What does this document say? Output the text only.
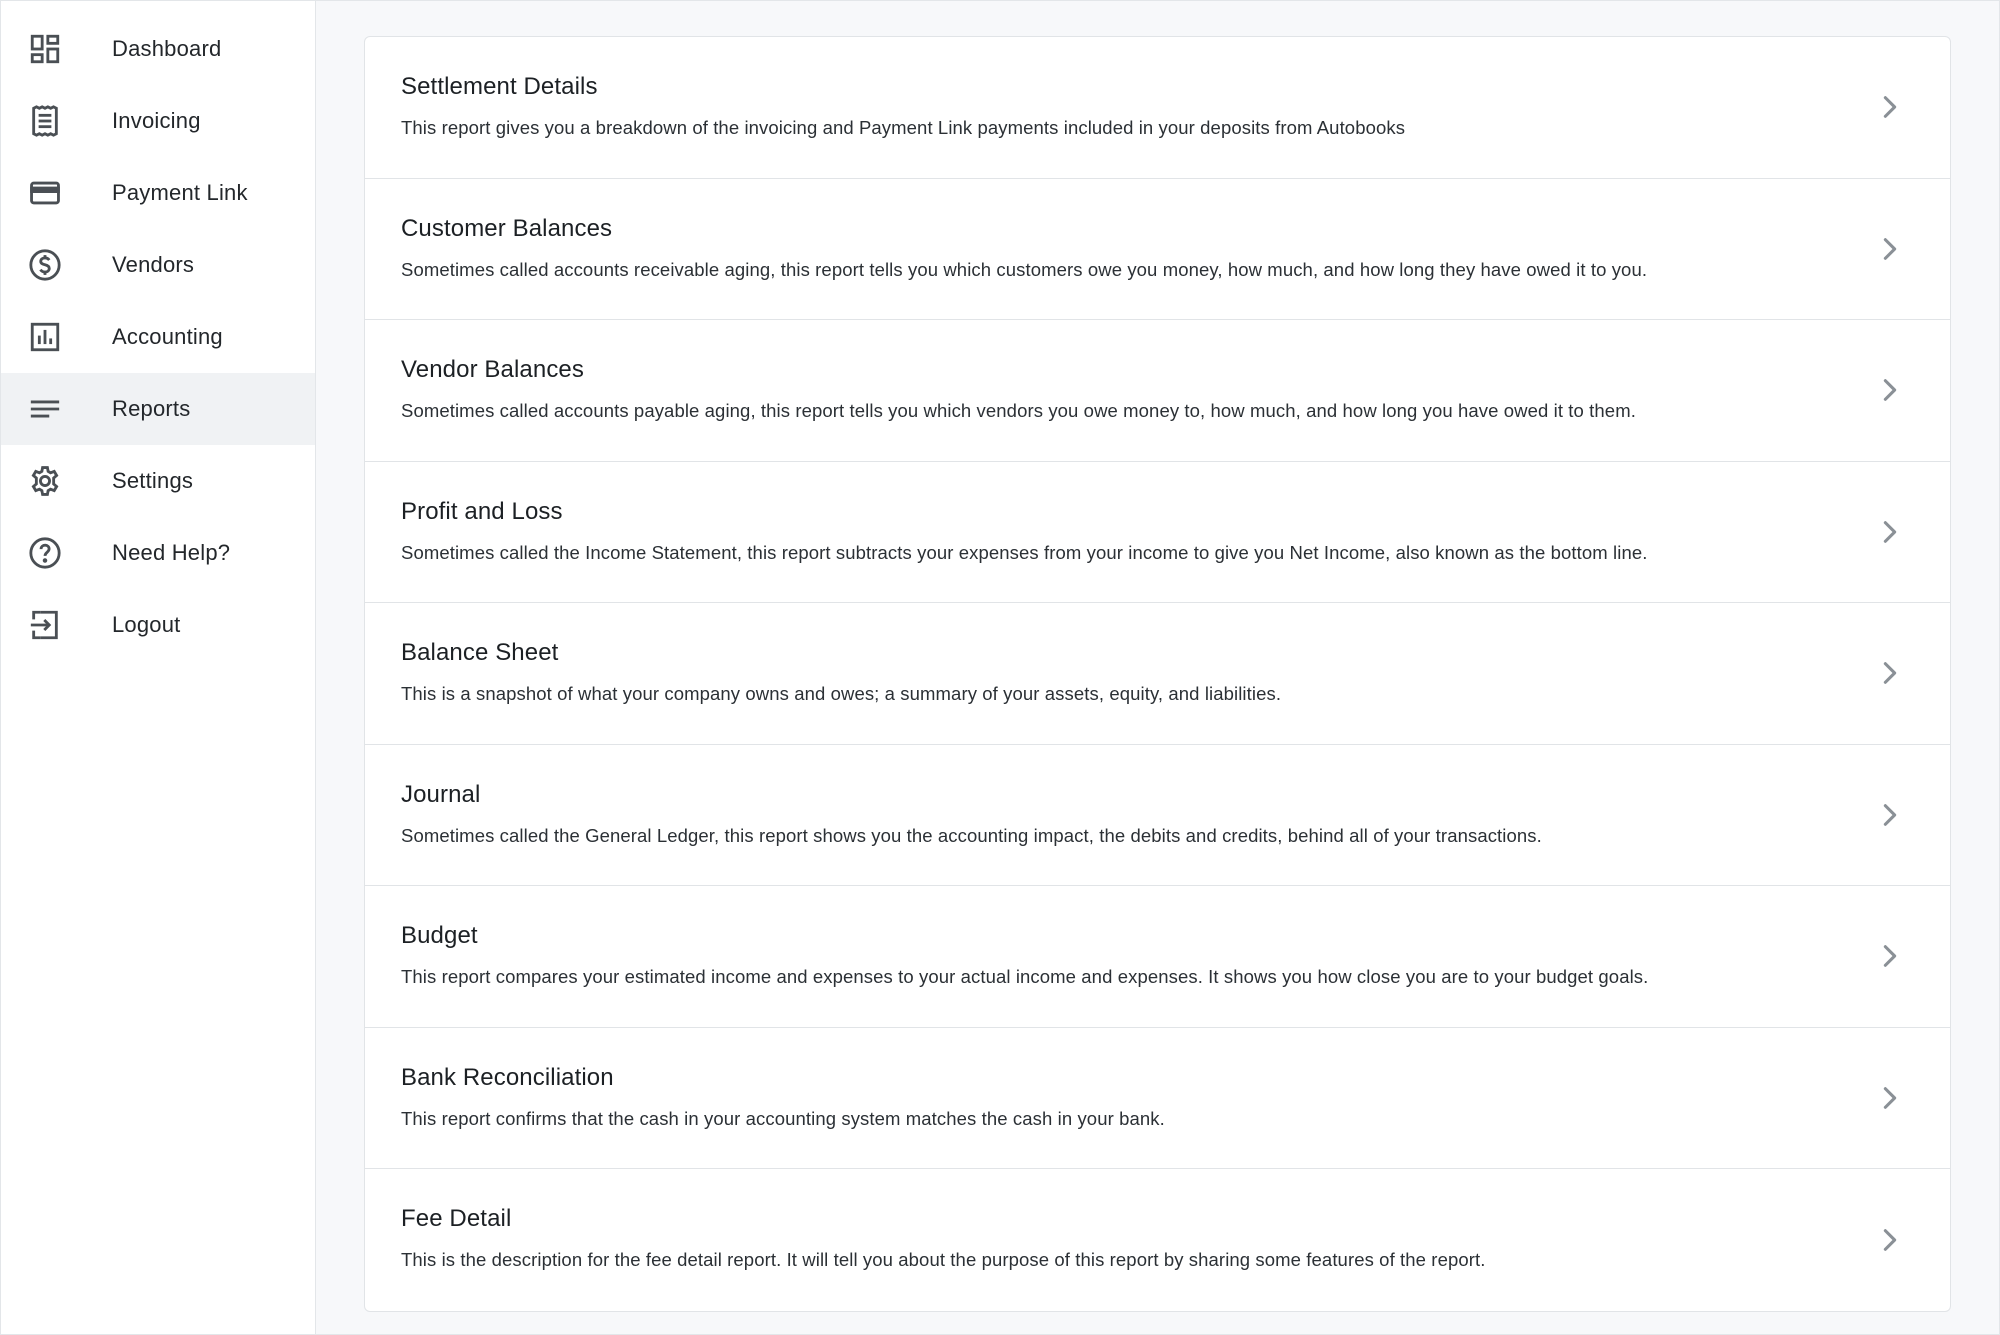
Dashboard
Invoicing
Payment Link
Vendors
Accounting
Reports
Settings
Need Help?
Logout
Settlement Details
This report gives you a breakdown of the invoicing and Payment Link payments included in your deposits from Autobooks
Customer Balances
Sometimes called accounts receivable aging, this report tells you which customers owe you money, how much, and how long they have owed it to you.
Vendor Balances
Sometimes called accounts payable aging, this report tells you which vendors you owe money to, how much, and how long you have owed it to them.
Profit and Loss
Sometimes called the Income Statement, this report subtracts your expenses from your income to give you Net Income, also known as the bottom line.
Balance Sheet
This is a snapshot of what your company owns and owes; a summary of your assets, equity, and liabilities.
Journal
Sometimes called the General Ledger, this report shows you the accounting impact, the debits and credits, behind all of your transactions.
Budget
This report compares your estimated income and expenses to your actual income and expenses. It shows you how close you are to your budget goals.
Bank Reconciliation
This report confirms that the cash in your accounting system matches the cash in your bank.
Fee Detail
This is the description for the fee detail report. It will tell you about the purpose of this report by sharing some features of the report.
